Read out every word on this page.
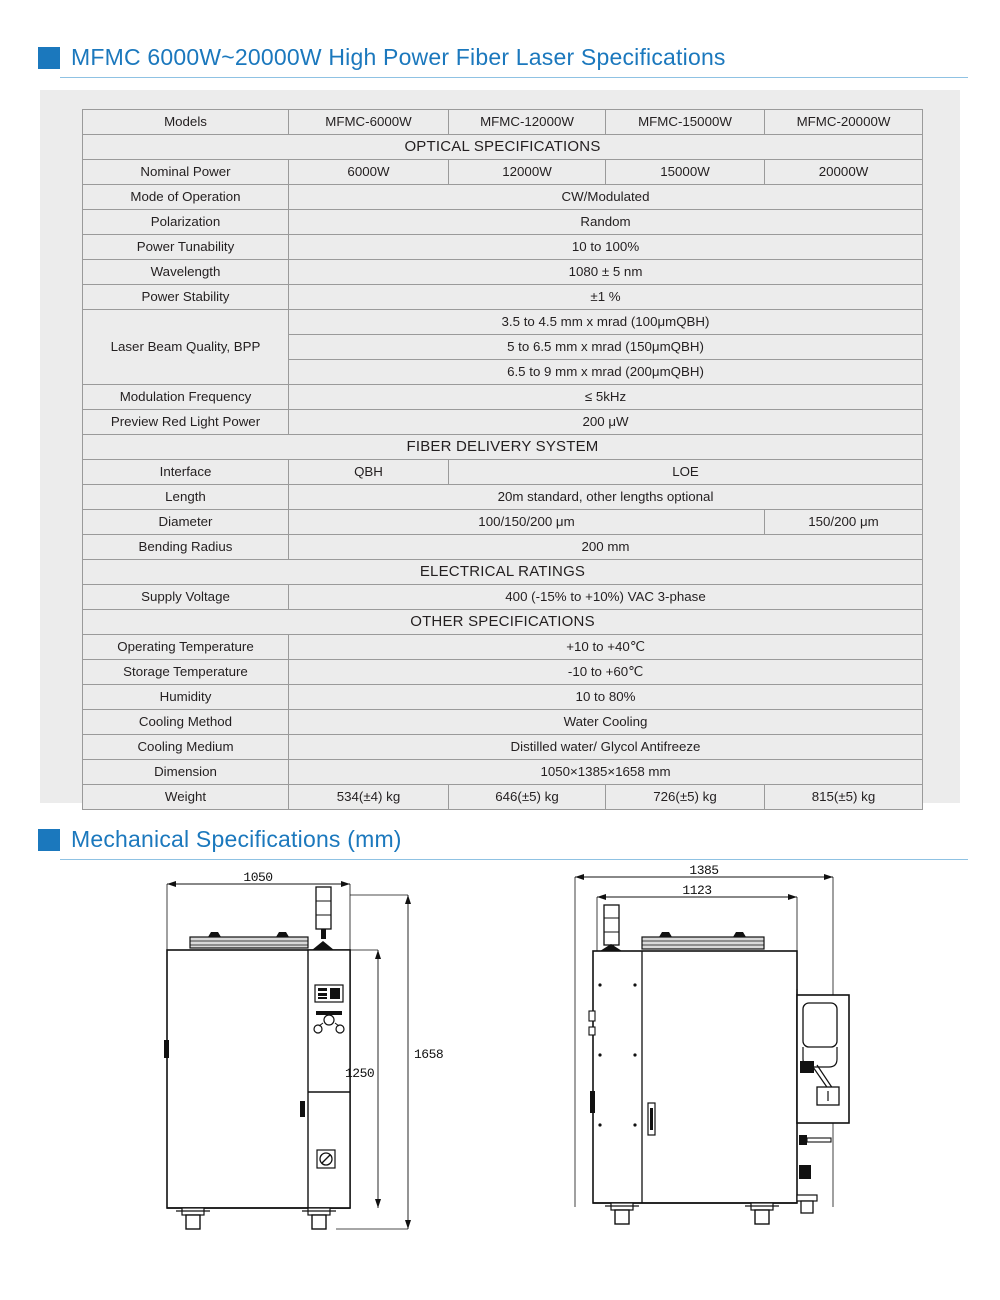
MFMC 6000W~20000W High Power Fiber Laser Specifications
Models	MFMC-6000W	MFMC-12000W	MFMC-15000W	MFMC-20000W
OPTICAL SPECIFICATIONS				
Nominal Power	6000W	12000W	15000W	20000W
Mode of Operation	CW/Modulated			
Polarization	Random			
Power Tunability	10 to 100%			
Wavelength	1080 ± 5 nm			
Power Stability	±1 %			
Laser Beam Quality, BPP	3.5 to 4.5 mm x mrad (100μmQBH)			
	5 to 6.5 mm x mrad (150μmQBH)			
	6.5 to 9 mm x mrad (200μmQBH)			
Modulation Frequency	≤ 5kHz			
Preview Red Light Power	200 μW			
FIBER DELIVERY SYSTEM				
Interface	QBH	LOE		
Length	20m standard, other lengths optional			
Diameter	100/150/200 μm			150/200 μm
Bending Radius	200 mm			
ELECTRICAL RATINGS				
Supply Voltage	400 (-15% to +10%) VAC 3-phase			
OTHER SPECIFICATIONS				
Operating Temperature	+10 to +40℃			
Storage Temperature	-10 to +60℃			
Humidity	10 to 80%			
Cooling Method	Water Cooling			
Cooling Medium	Distilled water/ Glycol Antifreeze			
Dimension	1050×1385×1658 mm			
Weight	534(±4) kg	646(±5) kg	726(±5) kg	815(±5) kg
Mechanical Specifications (mm)
1050
1658
1250
1385
1123
